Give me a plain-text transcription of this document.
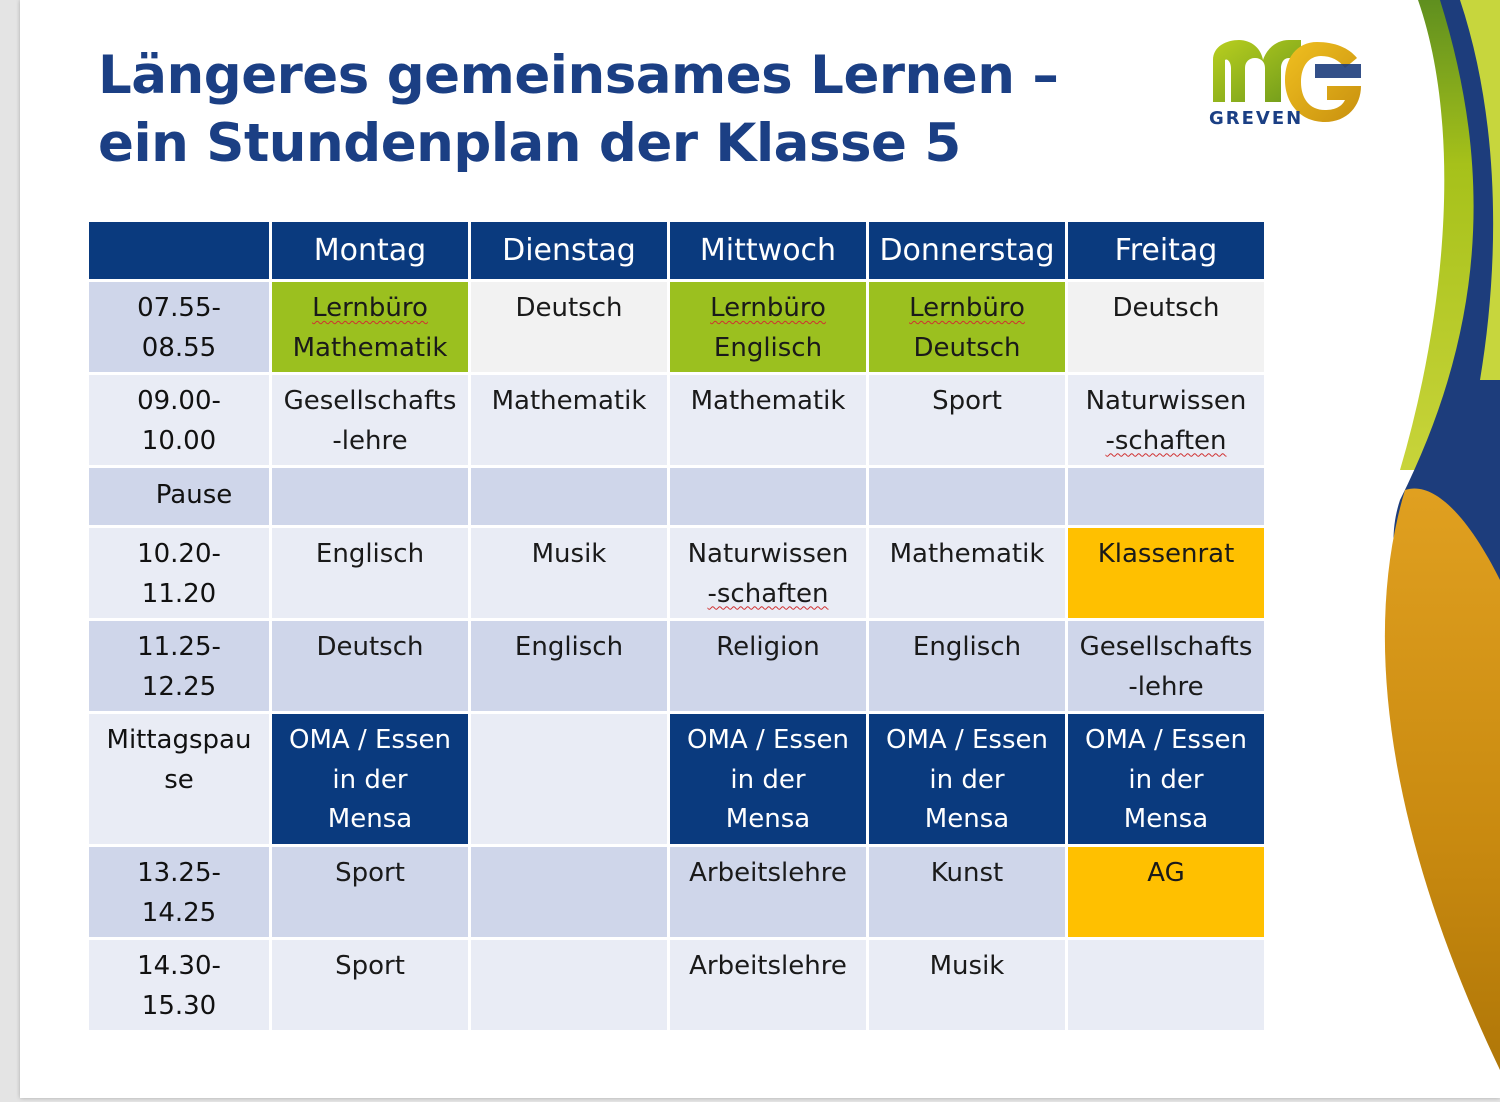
Längeres gemeinsames Lernen –
ein Stundenplan der Klasse 5	GREVEN
	Montag	Dienstag	Mittwoch	Donnerstag	Freitag

07.55-
08.55	Lernbüro
Mathematik	Deutsch	Lernbüro
Englisch	Lernbüro
Deutsch	Deutsch

09.00-
10.00	Gesellschafts
-lehre	Mathematik	Mathematik	Sport	Naturwissen
-schaften

Pause					

10.20-
11.20	Englisch	Musik	Naturwissen
-schaften	Mathematik	Klassenrat

11.25-
12.25	Deutsch	Englisch	Religion	Englisch	Gesellschafts
-lehre

Mittagspau
se	OMA / Essen
in der
Mensa		OMA / Essen
in der
Mensa	OMA / Essen
in der
Mensa	OMA / Essen
in der
Mensa

13.25-
14.25	Sport		Arbeitslehre	Kunst	AG

14.30-
15.30	Sport		Arbeitslehre	Musik	
